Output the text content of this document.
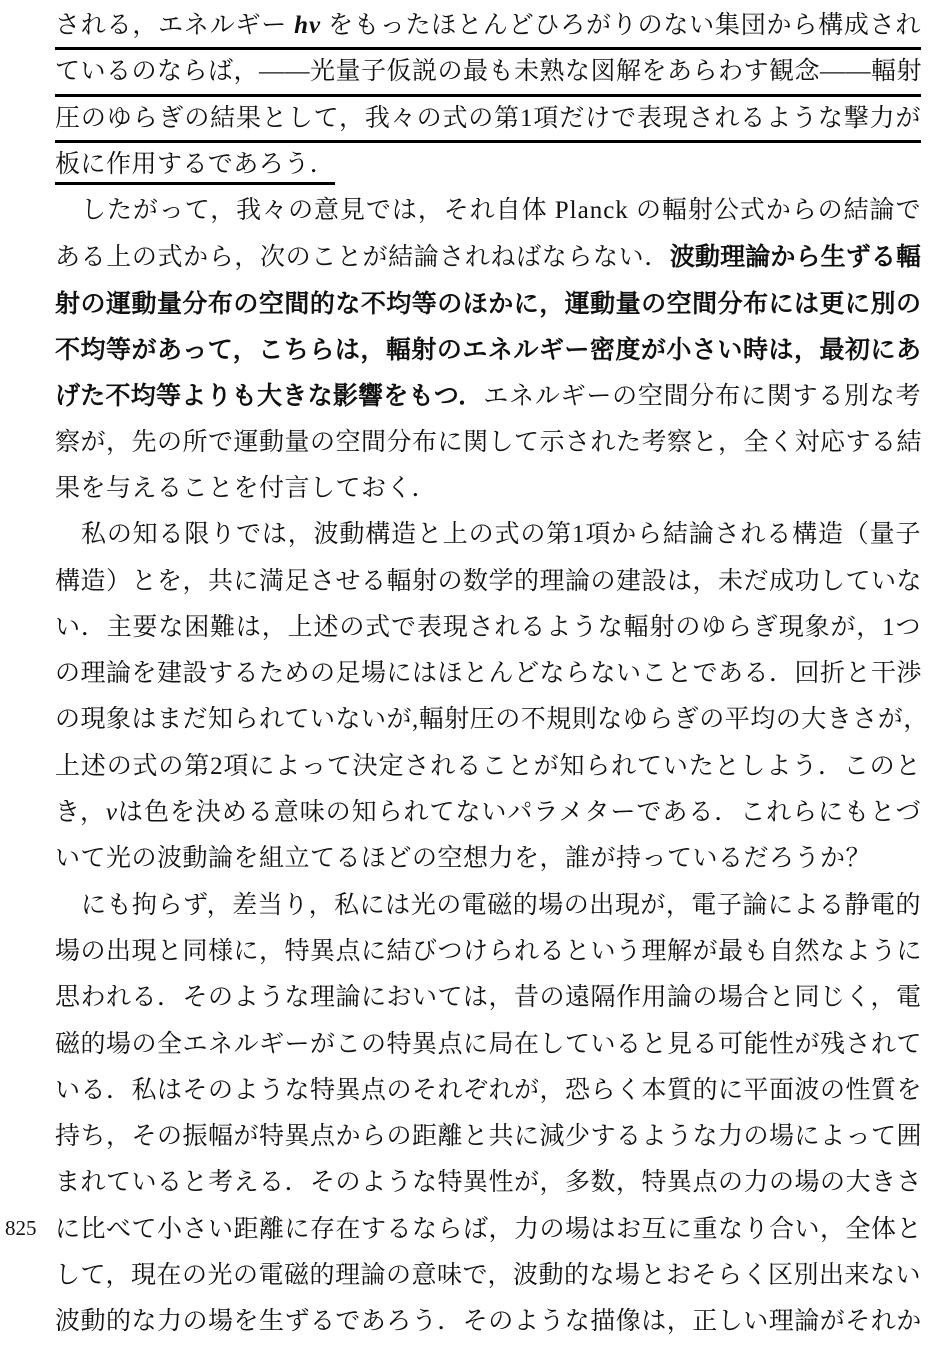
825
される，エネルギー hν をもったほとんどひろがりのない集団から構成され
ているのならば，――光量子仮説の最も未熟な図解をあらわす観念――輻射
圧のゆらぎの結果として，我々の式の第1項だけで表現されるような撃力が
板に作用するであろう．
したがって，我々の意見では，それ自体 Planck の輻射公式からの結論で
ある上の式から，次のことが結論されねばならない．波動理論から生ずる輻
射の運動量分布の空間的な不均等のほかに，運動量の空間分布には更に別の
不均等があって，こちらは，輻射のエネルギー密度が小さい時は，最初にあ
げた不均等よりも大きな影響をもつ．エネルギーの空間分布に関する別な考
察が，先の所で運動量の空間分布に関して示された考察と，全く対応する結
果を与えることを付言しておく．
私の知る限りでは，波動構造と上の式の第1項から結論される構造（量子
構造）とを，共に満足させる輻射の数学的理論の建設は，未だ成功していな
い．主要な困難は，上述の式で表現されるような輻射のゆらぎ現象が，1つ
の理論を建設するための足場にはほとんどならないことである．回折と干渉
の現象はまだ知られていないが,輻射圧の不規則なゆらぎの平均の大きさが，
上述の式の第2項によって決定されることが知られていたとしよう．このと
き，νは色を決める意味の知られてないパラメターである．これらにもとづ
いて光の波動論を組立てるほどの空想力を，誰が持っているだろうか？
にも拘らず，差当り，私には光の電磁的場の出現が，電子論による静電的
場の出現と同様に，特異点に結びつけられるという理解が最も自然なように
思われる．そのような理論においては，昔の遠隔作用論の場合と同じく，電
磁的場の全エネルギーがこの特異点に局在していると見る可能性が残されて
いる．私はそのような特異点のそれぞれが，恐らく本質的に平面波の性質を
持ち，その振幅が特異点からの距離と共に減少するような力の場によって囲
まれていると考える．そのような特異性が，多数，特異点の力の場の大きさ
に比べて小さい距離に存在するならば，力の場はお互に重なり合い，全体と
して，現在の光の電磁的理論の意味で，波動的な場とおそらく区別出来ない
波動的な力の場を生ずるであろう．そのような描像は，正しい理論がそれか
